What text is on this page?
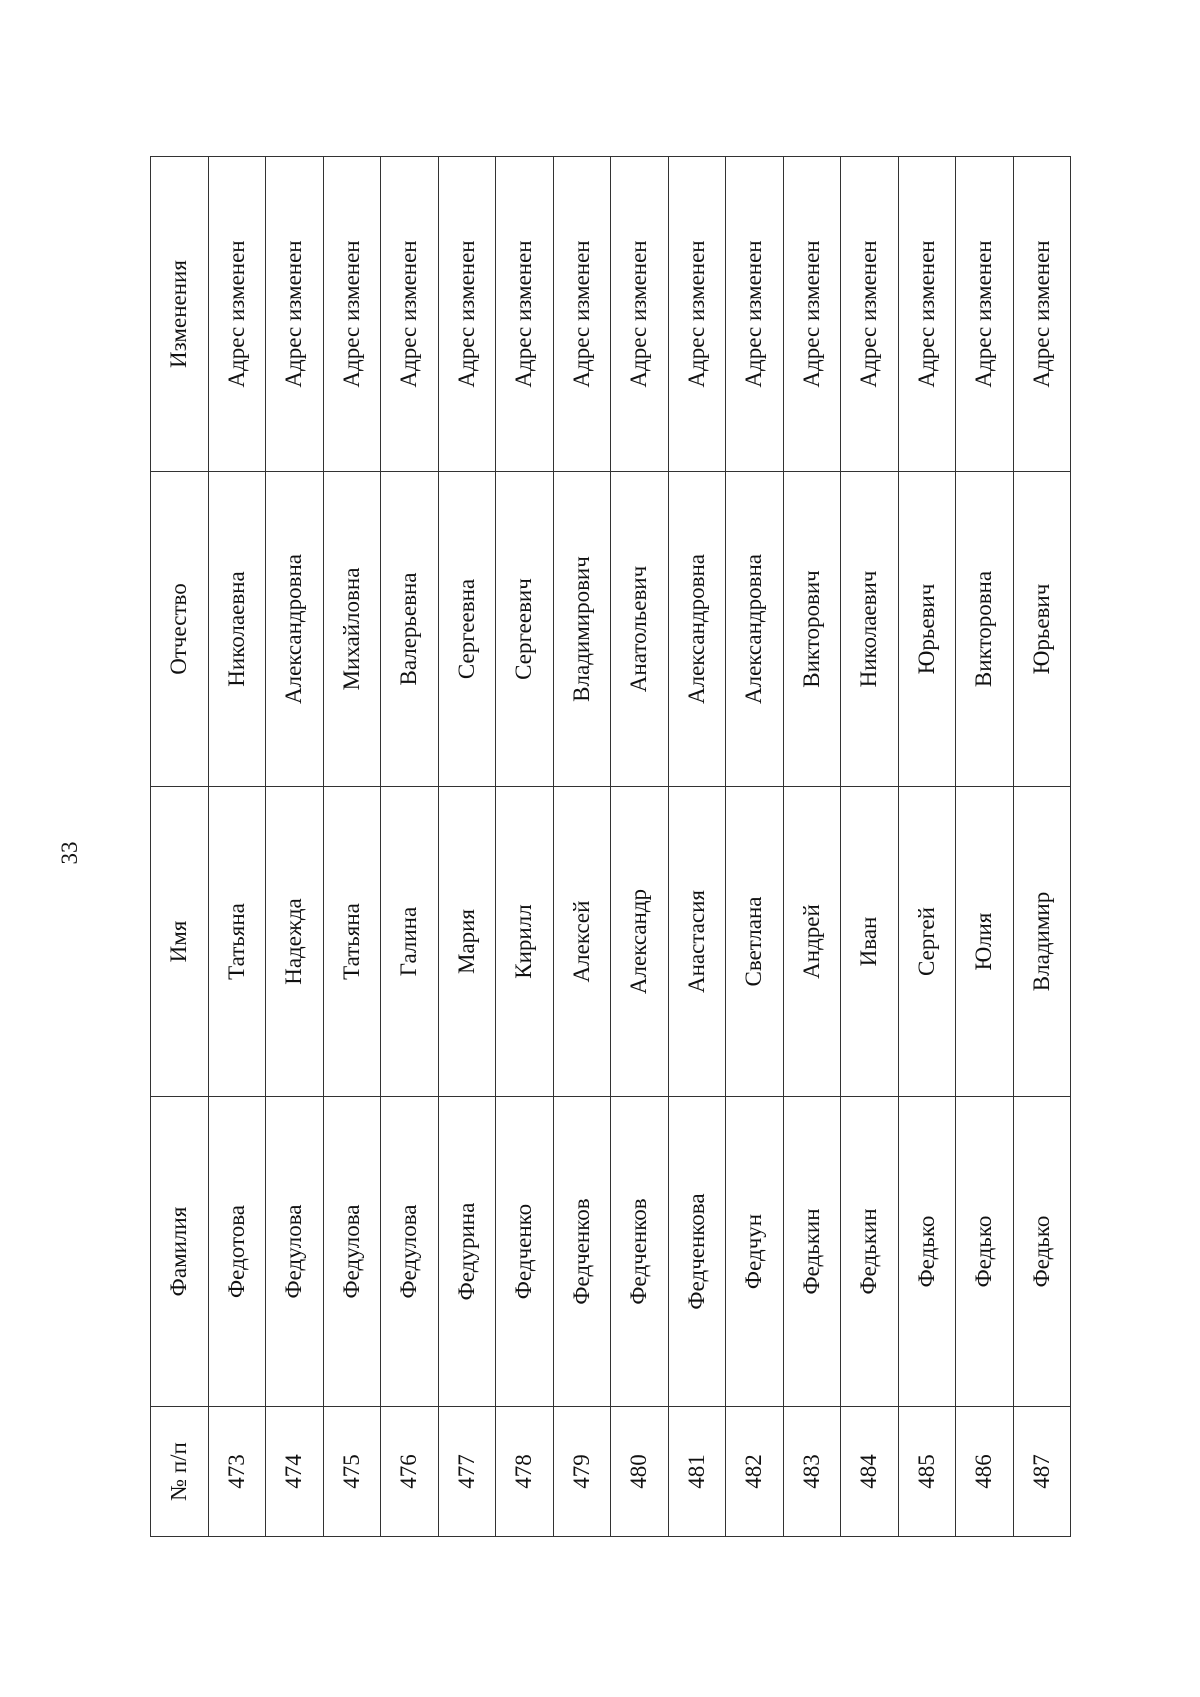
33
№ п/п	Фамилия	Имя	Отчество	Изменения
473	Федотова	Татьяна	Николаевна	Адрес изменен
474	Федулова	Надежда	Александровна	Адрес изменен
475	Федулова	Татьяна	Михайловна	Адрес изменен
476	Федулова	Галина	Валерьевна	Адрес изменен
477	Федурина	Мария	Сергеевна	Адрес изменен
478	Федченко	Кирилл	Сергеевич	Адрес изменен
479	Федченков	Алексей	Владимирович	Адрес изменен
480	Федченков	Александр	Анатольевич	Адрес изменен
481	Федченкова	Анастасия	Александровна	Адрес изменен
482	Федчун	Светлана	Александровна	Адрес изменен
483	Федькин	Андрей	Викторович	Адрес изменен
484	Федькин	Иван	Николаевич	Адрес изменен
485	Федько	Сергей	Юрьевич	Адрес изменен
486	Федько	Юлия	Викторовна	Адрес изменен
487	Федько	Владимир	Юрьевич	Адрес изменен
